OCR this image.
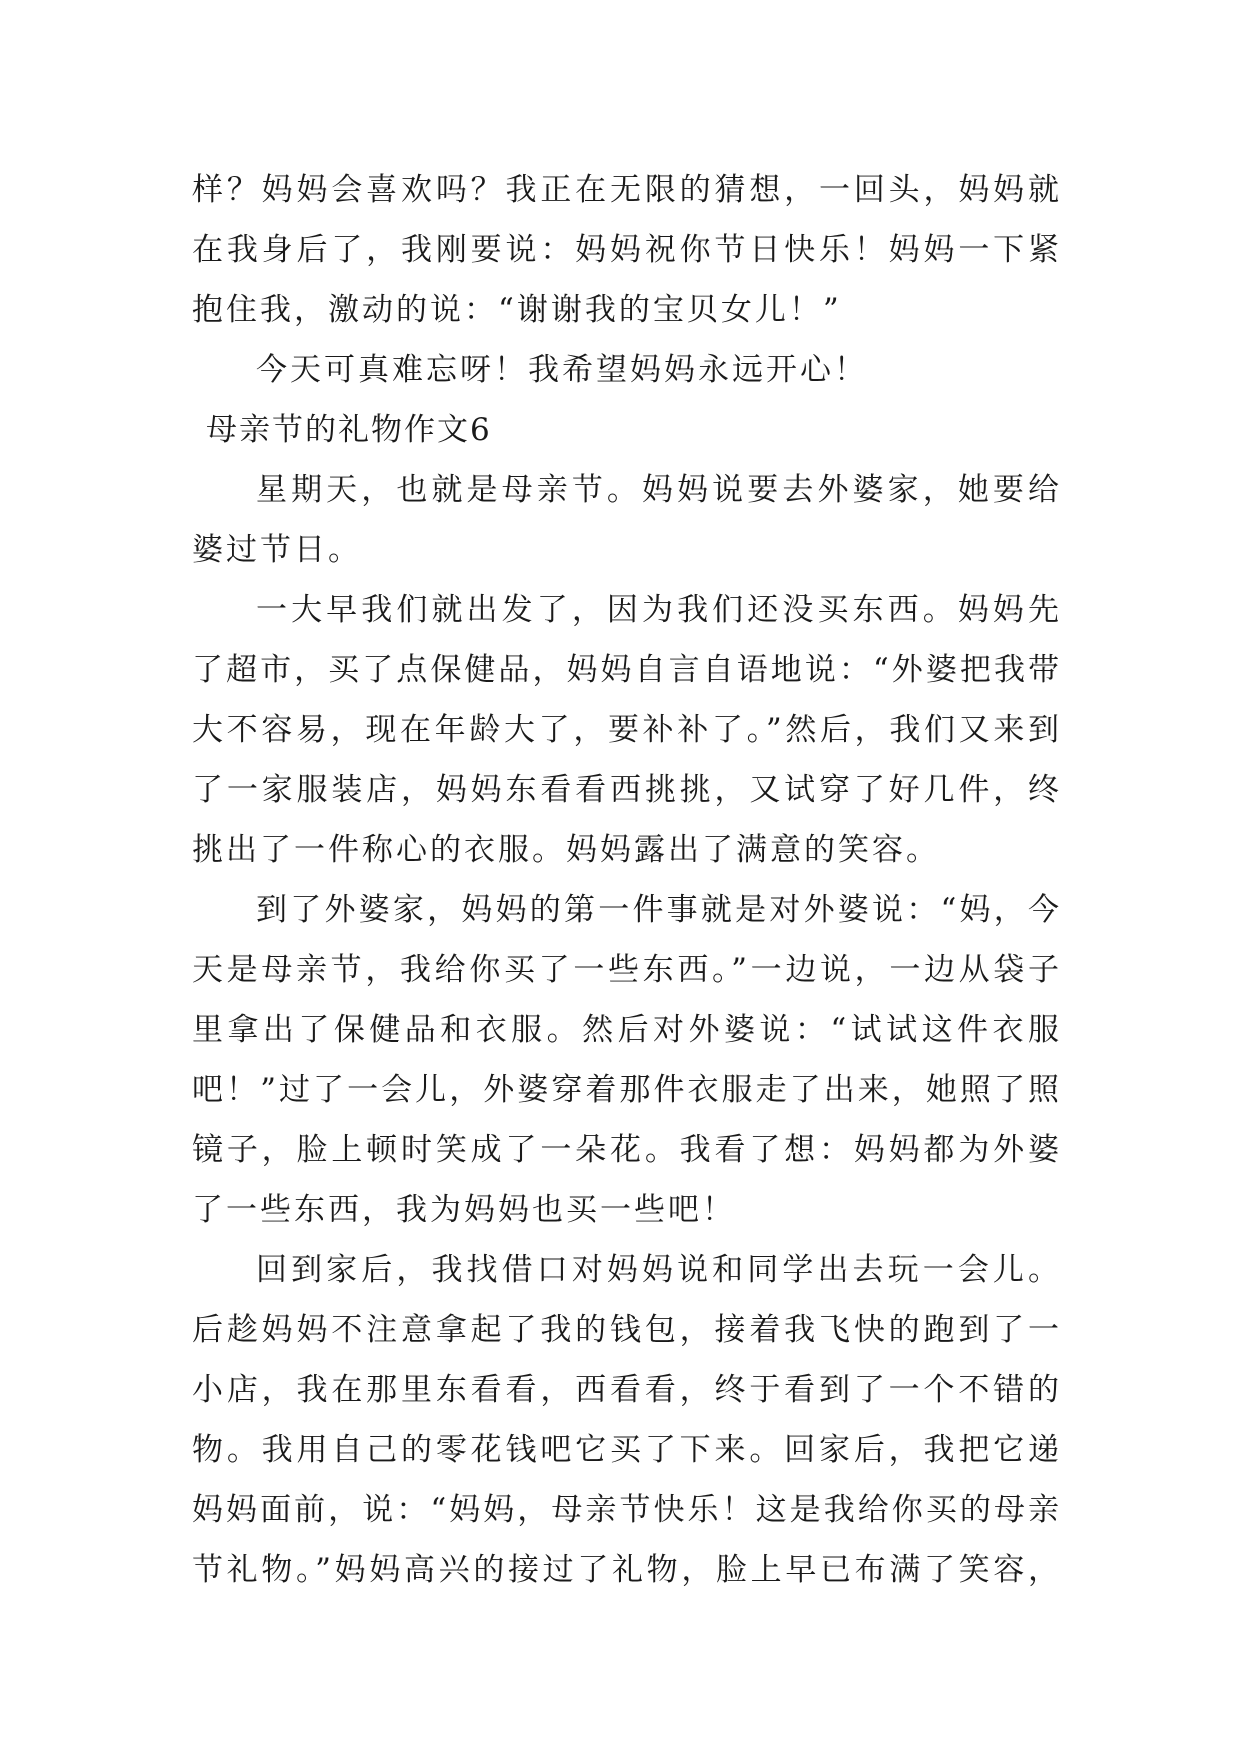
样？妈妈会喜欢吗？我正在无限的猜想，一回头，妈妈就
在我身后了，我刚要说：妈妈祝你节日快乐！妈妈一下紧
抱住我，激动的说：“谢谢我的宝贝女儿！”
今天可真难忘呀！我希望妈妈永远开心！
母亲节的礼物作文6
星期天，也就是母亲节。妈妈说要去外婆家，她要给
婆过节日。
一大早我们就出发了，因为我们还没买东西。妈妈先
了超市，买了点保健品，妈妈自言自语地说：“外婆把我带
大不容易，现在年龄大了，要补补了。”然后，我们又来到
了一家服装店，妈妈东看看西挑挑，又试穿了好几件，终
挑出了一件称心的衣服。妈妈露出了满意的笑容。
到了外婆家，妈妈的第一件事就是对外婆说：“妈，今
天是母亲节，我给你买了一些东西。”一边说，一边从袋子
里拿出了保健品和衣服。然后对外婆说：“试试这件衣服
吧！”过了一会儿，外婆穿着那件衣服走了出来，她照了照
镜子，脸上顿时笑成了一朵花。我看了想：妈妈都为外婆
了一些东西，我为妈妈也买一些吧！
回到家后，我找借口对妈妈说和同学出去玩一会儿。
后趁妈妈不注意拿起了我的钱包，接着我飞快的跑到了一
小店，我在那里东看看，西看看，终于看到了一个不错的
物。我用自己的零花钱吧它买了下来。回家后，我把它递
妈妈面前，说：“妈妈，母亲节快乐！这是我给你买的母亲
节礼物。”妈妈高兴的接过了礼物，脸上早已布满了笑容，
